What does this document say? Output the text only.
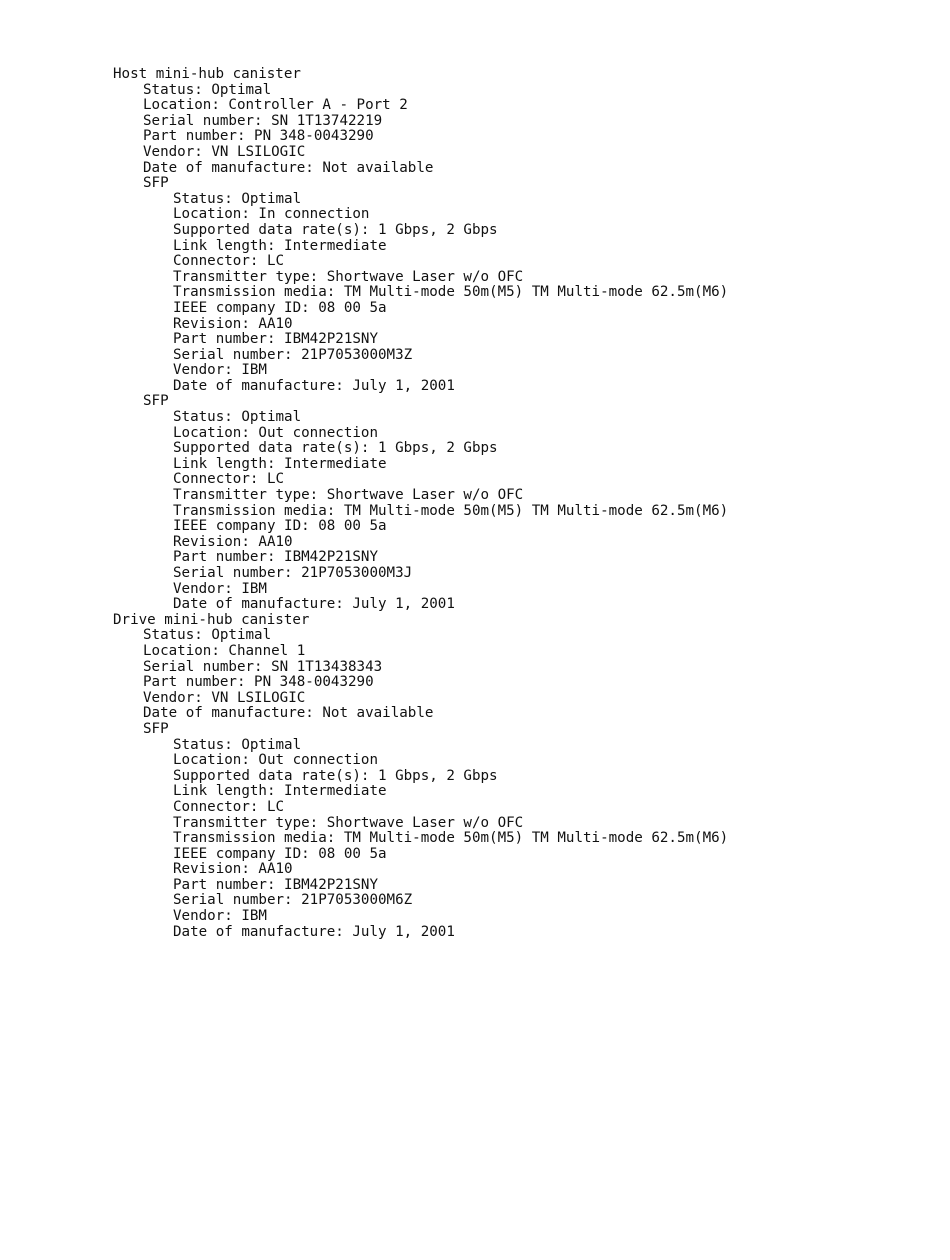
Host mini-hub canister
Status: Optimal
Location: Controller A - Port 2
Serial number: SN 1T13742219
Part number: PN 348-0043290
Vendor: VN LSILOGIC
Date of manufacture: Not available
SFP
Status: Optimal
Location: In connection
Supported data rate(s): 1 Gbps, 2 Gbps
Link length: Intermediate
Connector: LC
Transmitter type: Shortwave Laser w/o OFC
Transmission media: TM Multi-mode 50m(M5) TM Multi-mode 62.5m(M6)
IEEE company ID: 08 00 5a
Revision: AA10
Part number: IBM42P21SNY
Serial number: 21P7053000M3Z
Vendor: IBM
Date of manufacture: July 1, 2001
SFP
Status: Optimal
Location: Out connection
Supported data rate(s): 1 Gbps, 2 Gbps
Link length: Intermediate
Connector: LC
Transmitter type: Shortwave Laser w/o OFC
Transmission media: TM Multi-mode 50m(M5) TM Multi-mode 62.5m(M6)
IEEE company ID: 08 00 5a
Revision: AA10
Part number: IBM42P21SNY
Serial number: 21P7053000M3J
Vendor: IBM
Date of manufacture: July 1, 2001
Drive mini-hub canister
Status: Optimal
Location: Channel 1
Serial number: SN 1T13438343
Part number: PN 348-0043290
Vendor: VN LSILOGIC
Date of manufacture: Not available
SFP
Status: Optimal
Location: Out connection
Supported data rate(s): 1 Gbps, 2 Gbps
Link length: Intermediate
Connector: LC
Transmitter type: Shortwave Laser w/o OFC
Transmission media: TM Multi-mode 50m(M5) TM Multi-mode 62.5m(M6)
IEEE company ID: 08 00 5a
Revision: AA10
Part number: IBM42P21SNY
Serial number: 21P7053000M6Z
Vendor: IBM
Date of manufacture: July 1, 2001
